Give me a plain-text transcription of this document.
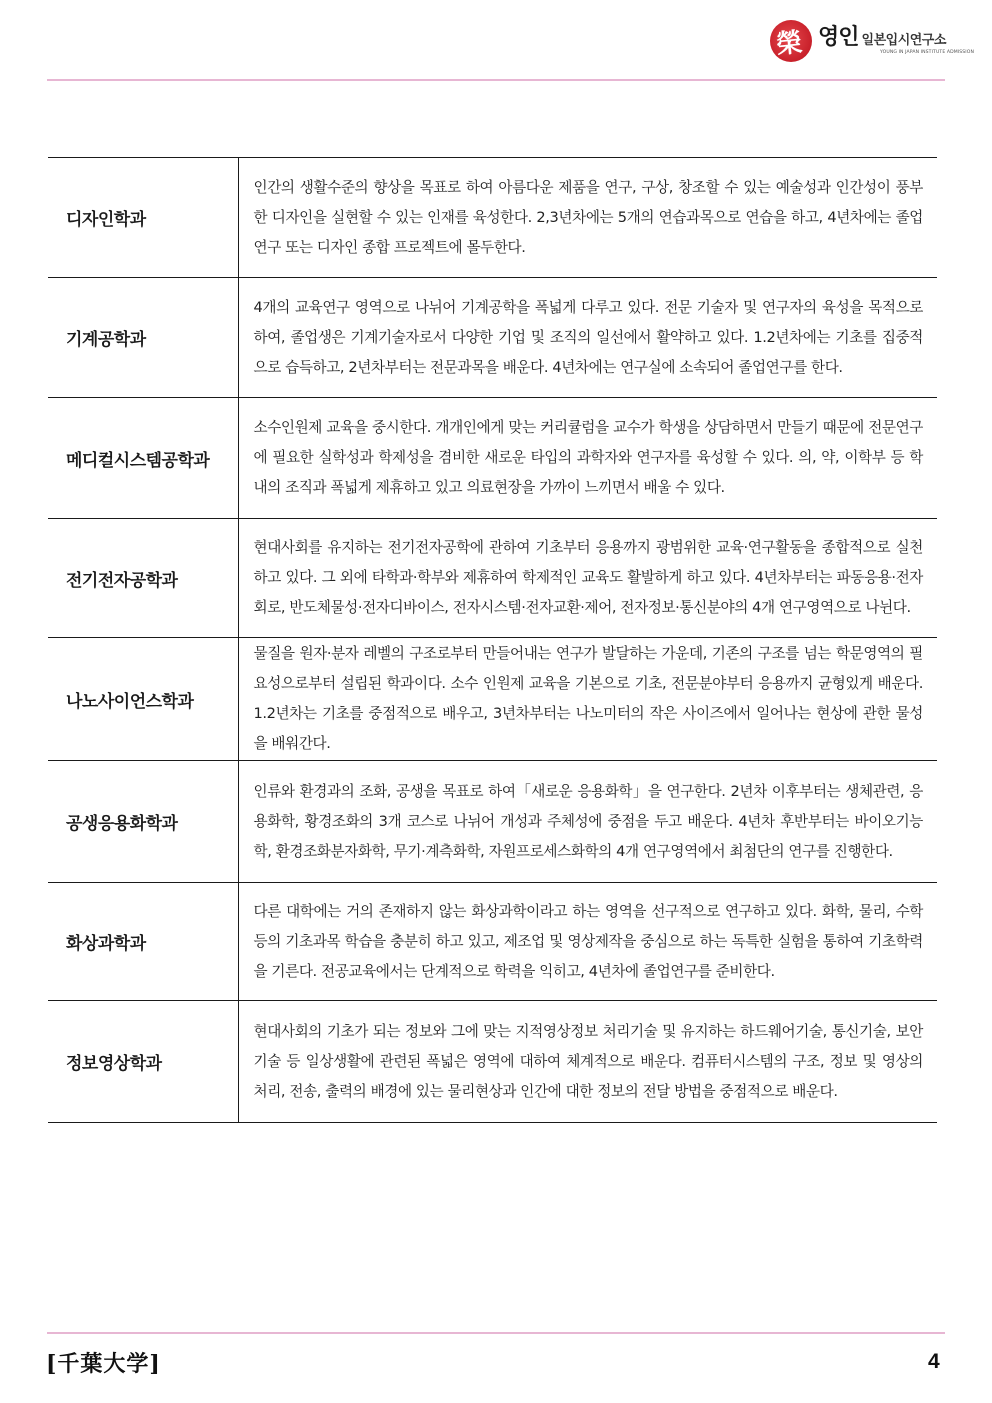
榮 영인 일본입시연구소
YOUNG IN JAPAN INSTITUTE ADMISSION
디자인학과	인간의 생활수준의 향상을 목표로 하여 아름다운 제품을 연구, 구상, 창조할 수 있는 예술성과 인간성이 풍부한 디자인을 실현할 수 있는 인재를 육성한다. 2,3년차에는 5개의 연습과목으로 연습을 하고, 4년차에는 졸업연구 또는 디자인 종합 프로젝트에 몰두한다.
기계공학과	4개의 교육연구 영역으로 나뉘어 기계공학을 폭넓게 다루고 있다. 전문 기술자 및 연구자의 육성을 목적으로 하여, 졸업생은 기계기술자로서 다양한 기업 및 조직의 일선에서 활약하고 있다. 1.2년차에는 기초를 집중적으로 습득하고, 2년차부터는 전문과목을 배운다. 4년차에는 연구실에 소속되어 졸업연구를 한다.
메디컬시스템공학과	소수인원제 교육을 중시한다. 개개인에게 맞는 커리큘럼을 교수가 학생을 상담하면서 만들기 때문에 전문연구에 필요한 실학성과 학제성을 겸비한 새로운 타입의 과학자와 연구자를 육성할 수 있다. 의, 약, 이학부 등 학내의 조직과 폭넓게 제휴하고 있고 의료현장을 가까이 느끼면서 배울 수 있다.
전기전자공학과	현대사회를 유지하는 전기전자공학에 관하여 기초부터 응용까지 광범위한 교육·연구활동을 종합적으로 실천하고 있다. 그 외에 타학과·학부와 제휴하여 학제적인 교육도 활발하게 하고 있다. 4년차부터는 파동응용·전자회로, 반도체물성·전자디바이스, 전자시스템·전자교환·제어, 전자정보·통신분야의 4개 연구영역으로 나뉜다.
나노사이언스학과	물질을 원자·분자 레벨의 구조로부터 만들어내는 연구가 발달하는 가운데, 기존의 구조를 넘는 학문영역의 필요성으로부터 설립된 학과이다. 소수 인원제 교육을 기본으로 기초, 전문분야부터 응용까지 균형있게 배운다. 1.2년차는 기초를 중점적으로 배우고, 3년차부터는 나노미터의 작은 사이즈에서 일어나는 현상에 관한 물성을 배워간다.
공생응용화학과	인류와 환경과의 조화, 공생을 목표로 하여「새로운 응용화학」을 연구한다. 2년차 이후부터는 생체관련, 응용화학, 황경조화의 3개 코스로 나뉘어 개성과 주체성에 중점을 두고 배운다. 4년차 후반부터는 바이오기능학, 환경조화분자화학, 무기·계측화학, 자원프로세스화학의 4개 연구영역에서 최첨단의 연구를 진행한다.
화상과학과	다른 대학에는 거의 존재하지 않는 화상과학이라고 하는 영역을 선구적으로 연구하고 있다. 화학, 물리, 수학 등의 기초과목 학습을 충분히 하고 있고, 제조업 및 영상제작을 중심으로 하는 독특한 실험을 통하여 기초학력을 기른다. 전공교육에서는 단계적으로 학력을 익히고, 4년차에 졸업연구를 준비한다.
정보영상학과	현대사회의 기초가 되는 정보와 그에 맞는 지적영상정보 처리기술 및 유지하는 하드웨어기술, 통신기술, 보안기술 등 일상생활에 관련된 폭넓은 영역에 대하여 체계적으로 배운다. 컴퓨터시스템의 구조, 정보 및 영상의 처리, 전송, 출력의 배경에 있는 물리현상과 인간에 대한 정보의 전달 방법을 중점적으로 배운다.
[千葉大学]	4
